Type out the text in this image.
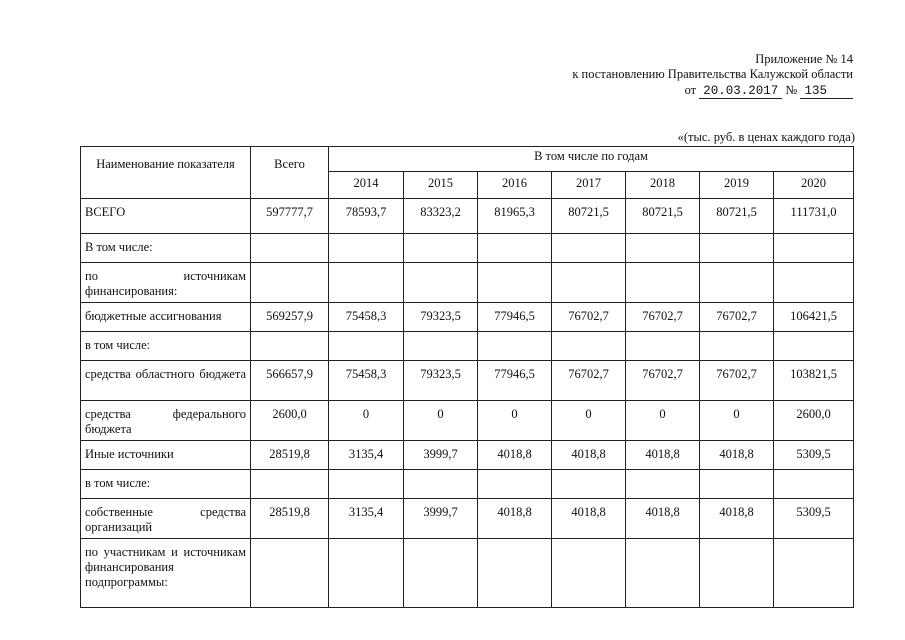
Приложение № 14
к постановлению Правительства Калужской области
от 20.03.2017 № 135
«(тыс. руб. в ценах каждого года)
Наименование показателя	Всего	В том числе по годам						
		2014	2015	2016	2017	2018	2019	2020
ВСЕГО	597777,7	78593,7	83323,2	81965,3	80721,5	80721,5	80721,5	111731,0
В том числе:								
по источникам финансирования:								
бюджетные ассигнования	569257,9	75458,3	79323,5	77946,5	76702,7	76702,7	76702,7	106421,5
в том числе:								
средства областного бюджета	566657,9	75458,3	79323,5	77946,5	76702,7	76702,7	76702,7	103821,5
средства федерального бюджета	2600,0	0	0	0	0	0	0	2600,0
Иные источники	28519,8	3135,4	3999,7	4018,8	4018,8	4018,8	4018,8	5309,5
в том числе:								
собственные средства организаций	28519,8	3135,4	3999,7	4018,8	4018,8	4018,8	4018,8	5309,5
по участникам и источникам финансирования подпрограммы:								
